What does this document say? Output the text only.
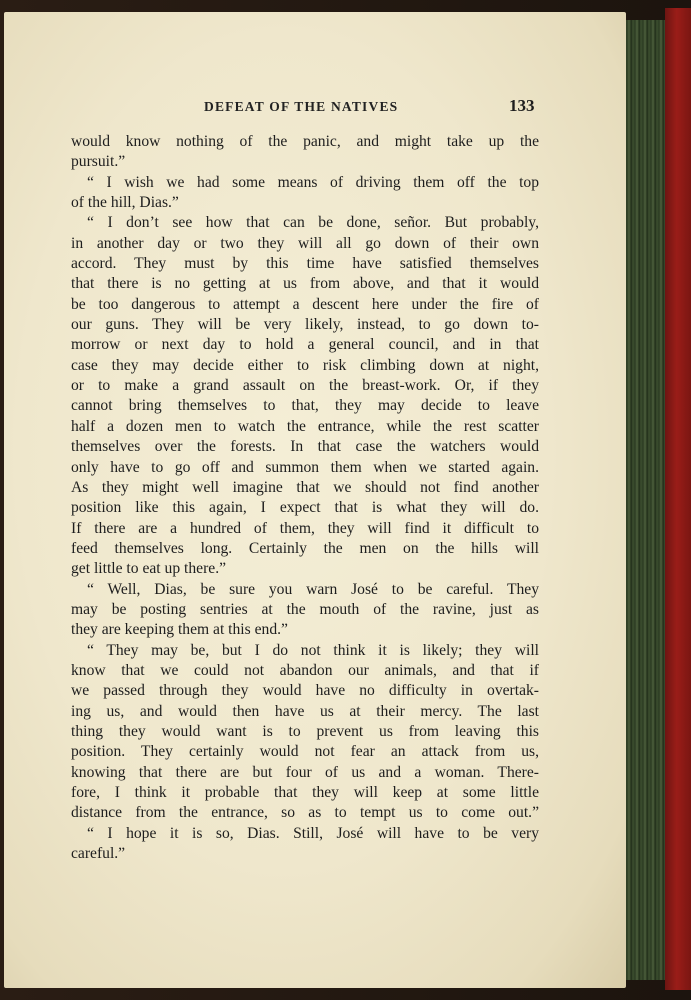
DEFEAT OF THE NATIVES	133
would know nothing of the panic, and might take up the
pursuit.”
“ I wish we had some means of driving them off the top
of the hill, Dias.”
“ I don’t see how that can be done, señor. But probably,
in another day or two they will all go down of their own
accord. They must by this time have satisfied themselves
that there is no getting at us from above, and that it would
be too dangerous to attempt a descent here under the fire of
our guns. They will be very likely, instead, to go down to-
morrow or next day to hold a general council, and in that
case they may decide either to risk climbing down at night,
or to make a grand assault on the breast-work. Or, if they
cannot bring themselves to that, they may decide to leave
half a dozen men to watch the entrance, while the rest scatter
themselves over the forests. In that case the watchers would
only have to go off and summon them when we started again.
As they might well imagine that we should not find another
position like this again, I expect that is what they will do.
If there are a hundred of them, they will find it difficult to
feed themselves long. Certainly the men on the hills will
get little to eat up there.”
“ Well, Dias, be sure you warn José to be careful. They
may be posting sentries at the mouth of the ravine, just as
they are keeping them at this end.”
“ They may be, but I do not think it is likely; they will
know that we could not abandon our animals, and that if
we passed through they would have no difficulty in overtak-
ing us, and would then have us at their mercy. The last
thing they would want is to prevent us from leaving this
position. They certainly would not fear an attack from us,
knowing that there are but four of us and a woman. There-
fore, I think it probable that they will keep at some little
distance from the entrance, so as to tempt us to come out.”
“ I hope it is so, Dias. Still, José will have to be very
careful.”
